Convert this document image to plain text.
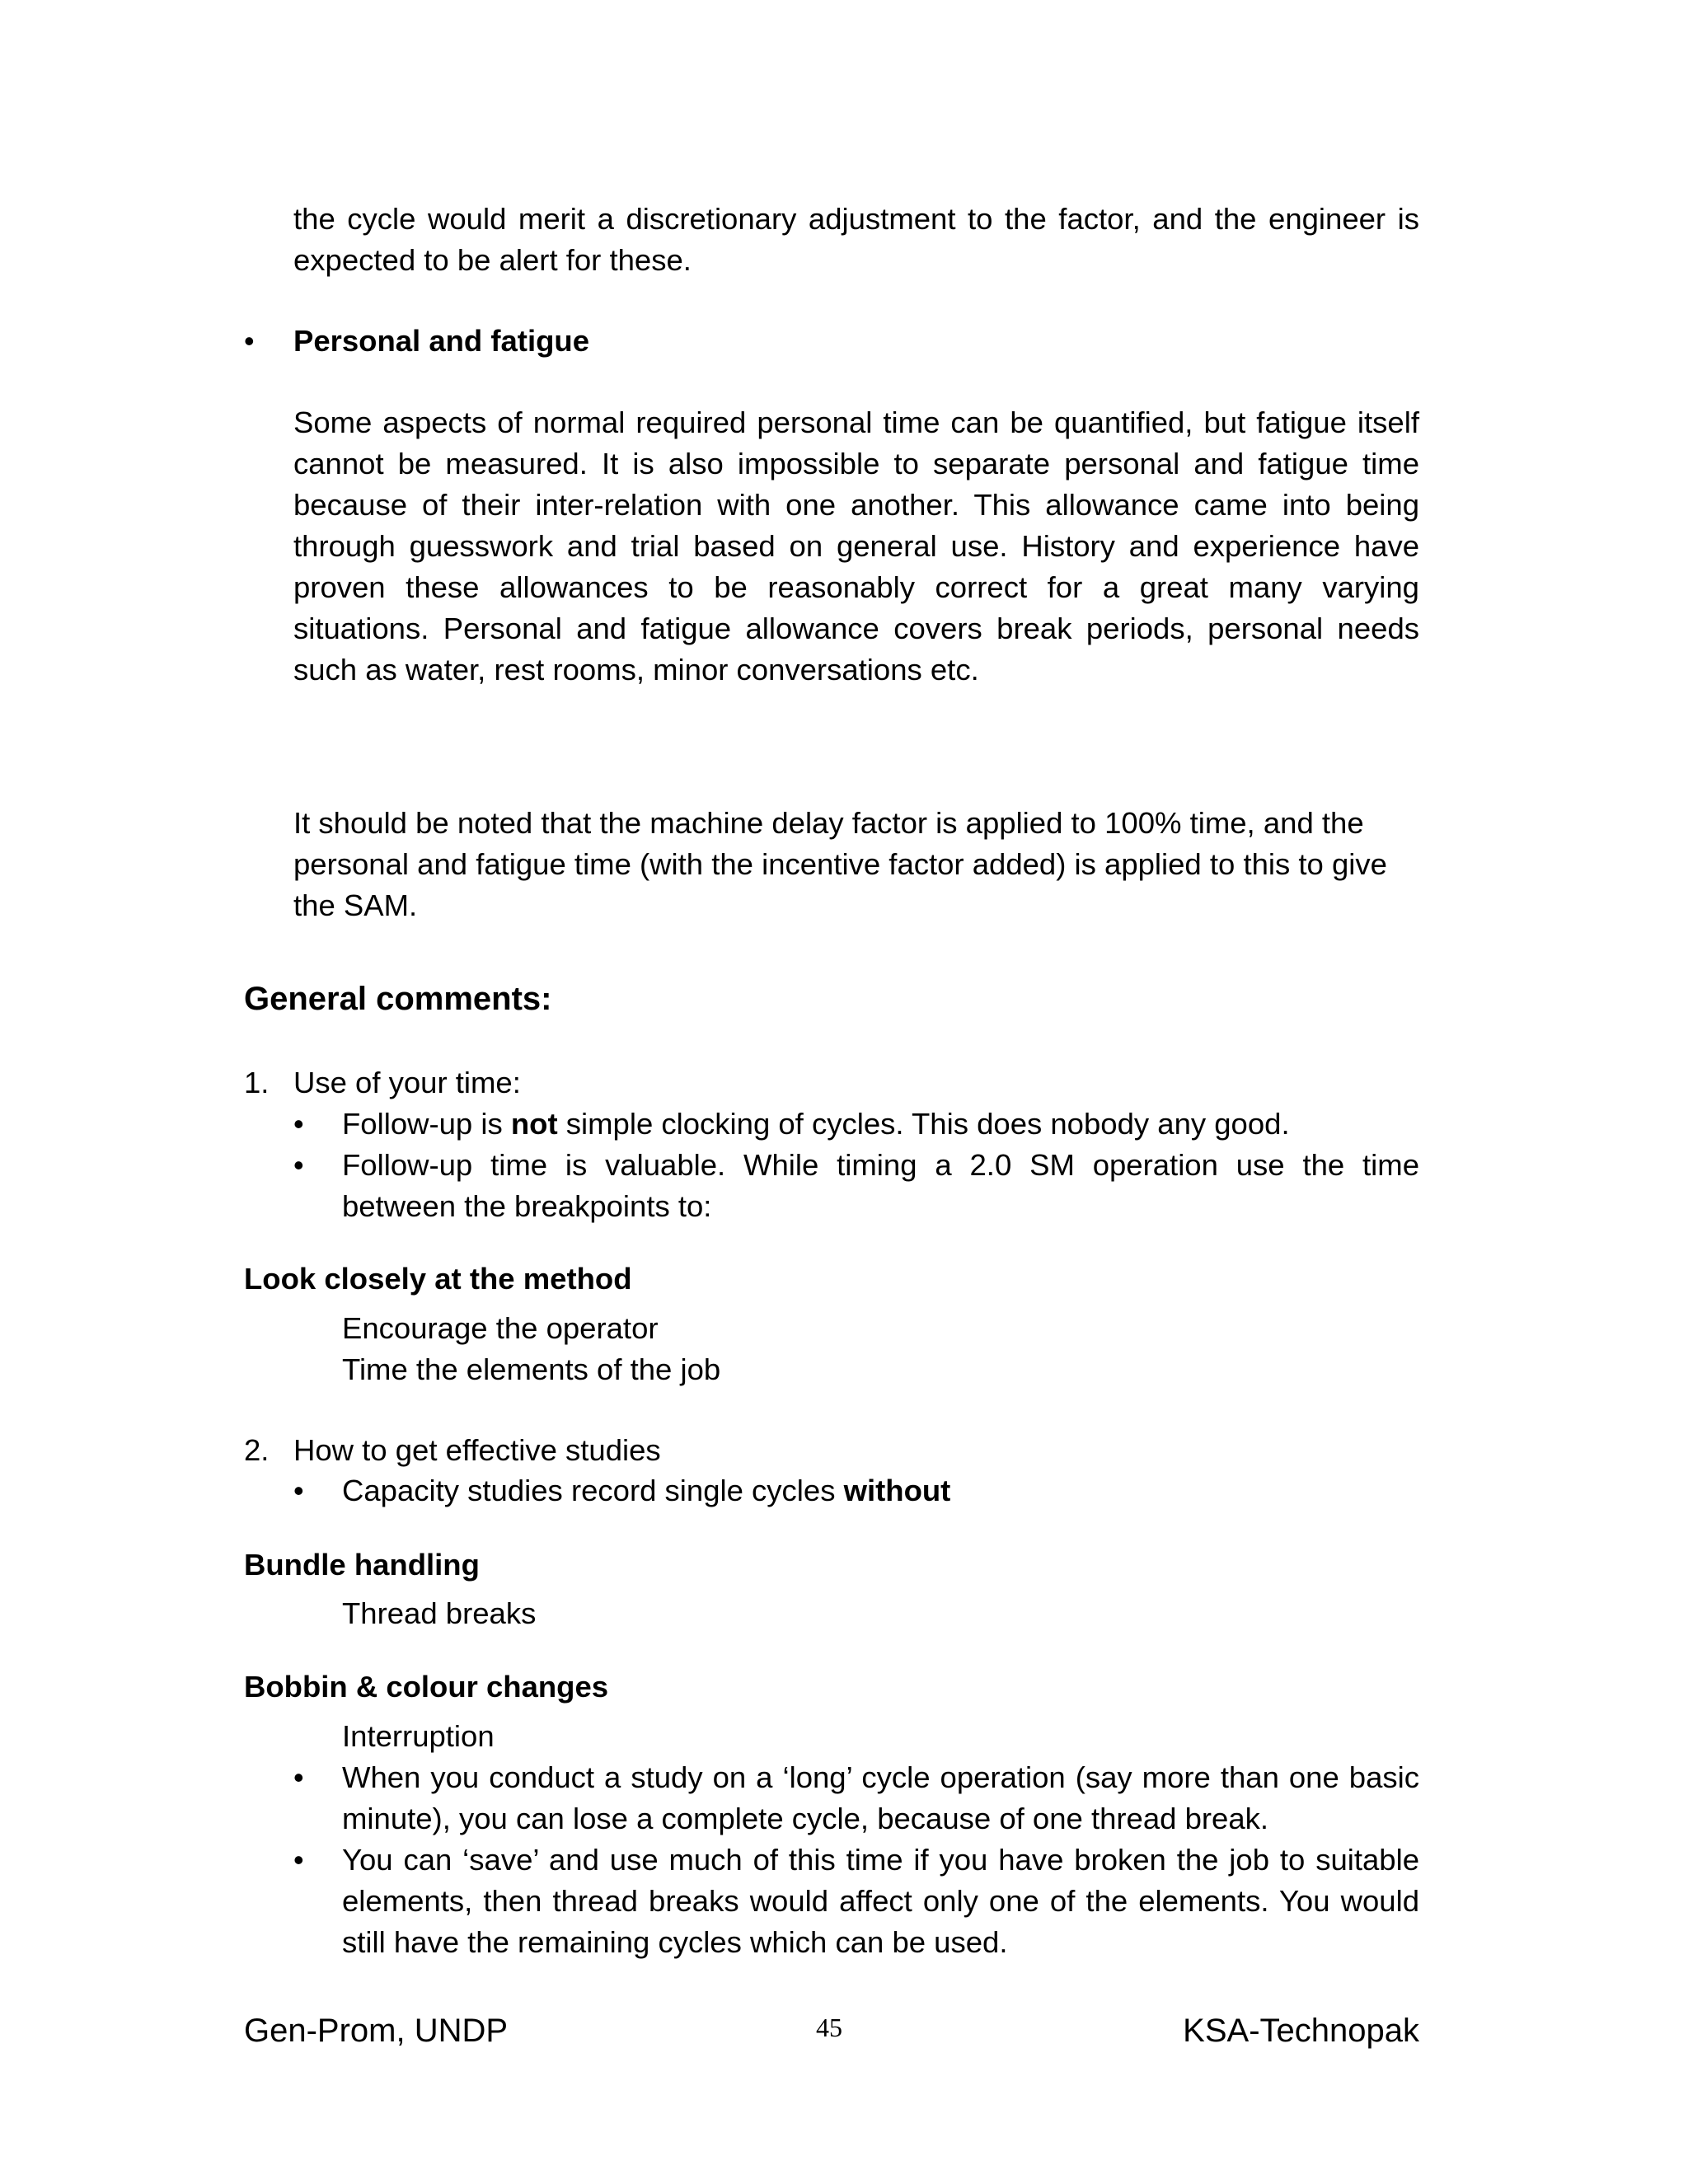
the cycle would merit a discretionary adjustment to the factor, and the engineer is expected to be alert for these.

• Personal and fatigue

Some aspects of normal required personal time can be quantified, but fatigue itself cannot be measured. It is also impossible to separate personal and fatigue time because of their inter-relation with one another. This allowance came into being through guesswork and trial based on general use. History and experience have proven these allowances to be reasonably correct for a great many varying situations. Personal and fatigue allowance covers break periods, personal needs such as water, rest rooms, minor conversations etc.

It should be noted that the machine delay factor is applied to 100% time, and the

personal and fatigue time (with the incentive factor added) is applied to this to give

the SAM.

General comments:

1. Use of your time:

• Follow-up is not simple clocking of cycles. This does nobody any good.

• Follow-up time is valuable. While timing a 2.0 SM operation use the time between the breakpoints to:

Look closely at the method

Encourage the operator

Time the elements of the job

2. How to get effective studies

• Capacity studies record single cycles without

Bundle handling

Thread breaks

Bobbin & colour changes

Interruption

• When you conduct a study on a ‘long’ cycle operation (say more than one basic minute), you can lose a complete cycle, because of one thread break.

• You can ‘save’ and use much of this time if you have broken the job to suitable elements, then thread breaks would affect only one of the elements. You would still have the remaining cycles which can be used.

Gen-Prom, UNDP	45	KSA-Technopak
